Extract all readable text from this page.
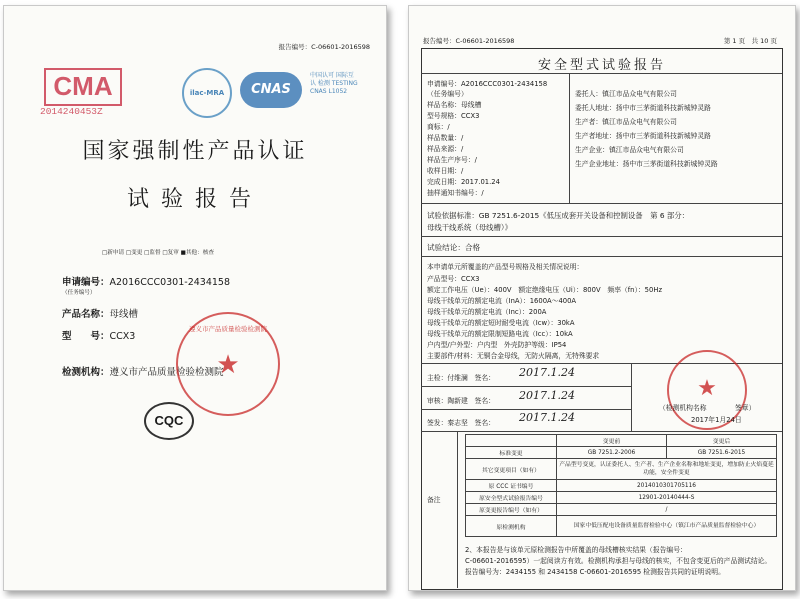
报告编号：C-06601-2016598
CMA
2014240453Z
ilac-MRA	CNAS
中国认可 国际互认 检测 TESTING CNAS L1052
国家强制性产品认证
试验报告
□新申请 □变更 □监督 □复审 ■其他：核查
申请编号：A2016CCC0301-2434158
（任务编号）
产品名称：母线槽
型　　号：CCX3
检测机构：遵义市产品质量检验检测院
★
遵义市产品质量检验检测院
CQC
报告编号：C-06601-2016598	第 1 页　共 10 页
安全型式试验报告
申请编号：A2016CCC0301-2434158
（任务编号）
样品名称：母线槽
型号规格：CCX3
商标：/
样品数量：/
样品来源：/
样品生产序号：/
收样日期：/
完成日期：2017.01.24
抽样通知书编号：/
委托人：镇江市品众电气有限公司
委托人地址：扬中市三茅街道科技新城钟灵路
生产者：镇江市品众电气有限公司
生产者地址：扬中市三茅街道科技新城钟灵路
生产企业：镇江市品众电气有限公司
生产企业地址：扬中市三茅街道科技新城钟灵路
试验依据标准：GB 7251.6-2015《低压成套开关设备和控制设备　第 6 部分：
母线干线系统（母线槽）》
试验结论：合格
本申请单元所覆盖的产品型号规格及相关情况说明：
产品型号：CCX3
额定工作电压（Ue）：400V　额定绝缘电压（Ui）：800V　频率（fn）：50Hz
母线干线单元的额定电流（InA）：1600A～400A
母线干线单元的额定电流（Inc）：200A
母线干线单元的额定短时耐受电流（Icw）：30kA
母线干线单元的额定限制短路电流（Icc）：10kA
户内型/户外型：户内型　外壳防护等级：IP54
主要部件/材料：无铜合金母线，无防火隔离，无特殊要求
主检：付维澜　 签名： 2017.1.24
审核：陶新建　 签名： 2017.1.24
签发：秦志坚　 签名： 2017.1.24
★
（检测机构名称	签章）
2017年1月24日
备注
	变更前	变更后
标准变更	GB 7251.2-2006	GB 7251.6-2015
其它变更项目（如有）	产品型号变更，认证委托人、生产者、生产企业名称和地址变更，增加防止火焰蔓延功能，安全件变更	
原 CCC 证书编号	2014010301705116	
原安全型式试验报告编号	12901-20140444-S	
原变更报告编号（如有）	/	
原检测机构	国家中低压配电设备质量监督检验中心（镇江市产品质量监督检验中心）	
2、本报告是与该单元原检测报告中所覆盖的母线槽核实结果（报告编号：
C-06601-2016595）一起阅读方有效。检测机构承担与母线的核实，不包含变更后的产品测试结论。
报告编号为：2434155 和 2434158 C-06601-2016595 检测报告共同的证明说明。
